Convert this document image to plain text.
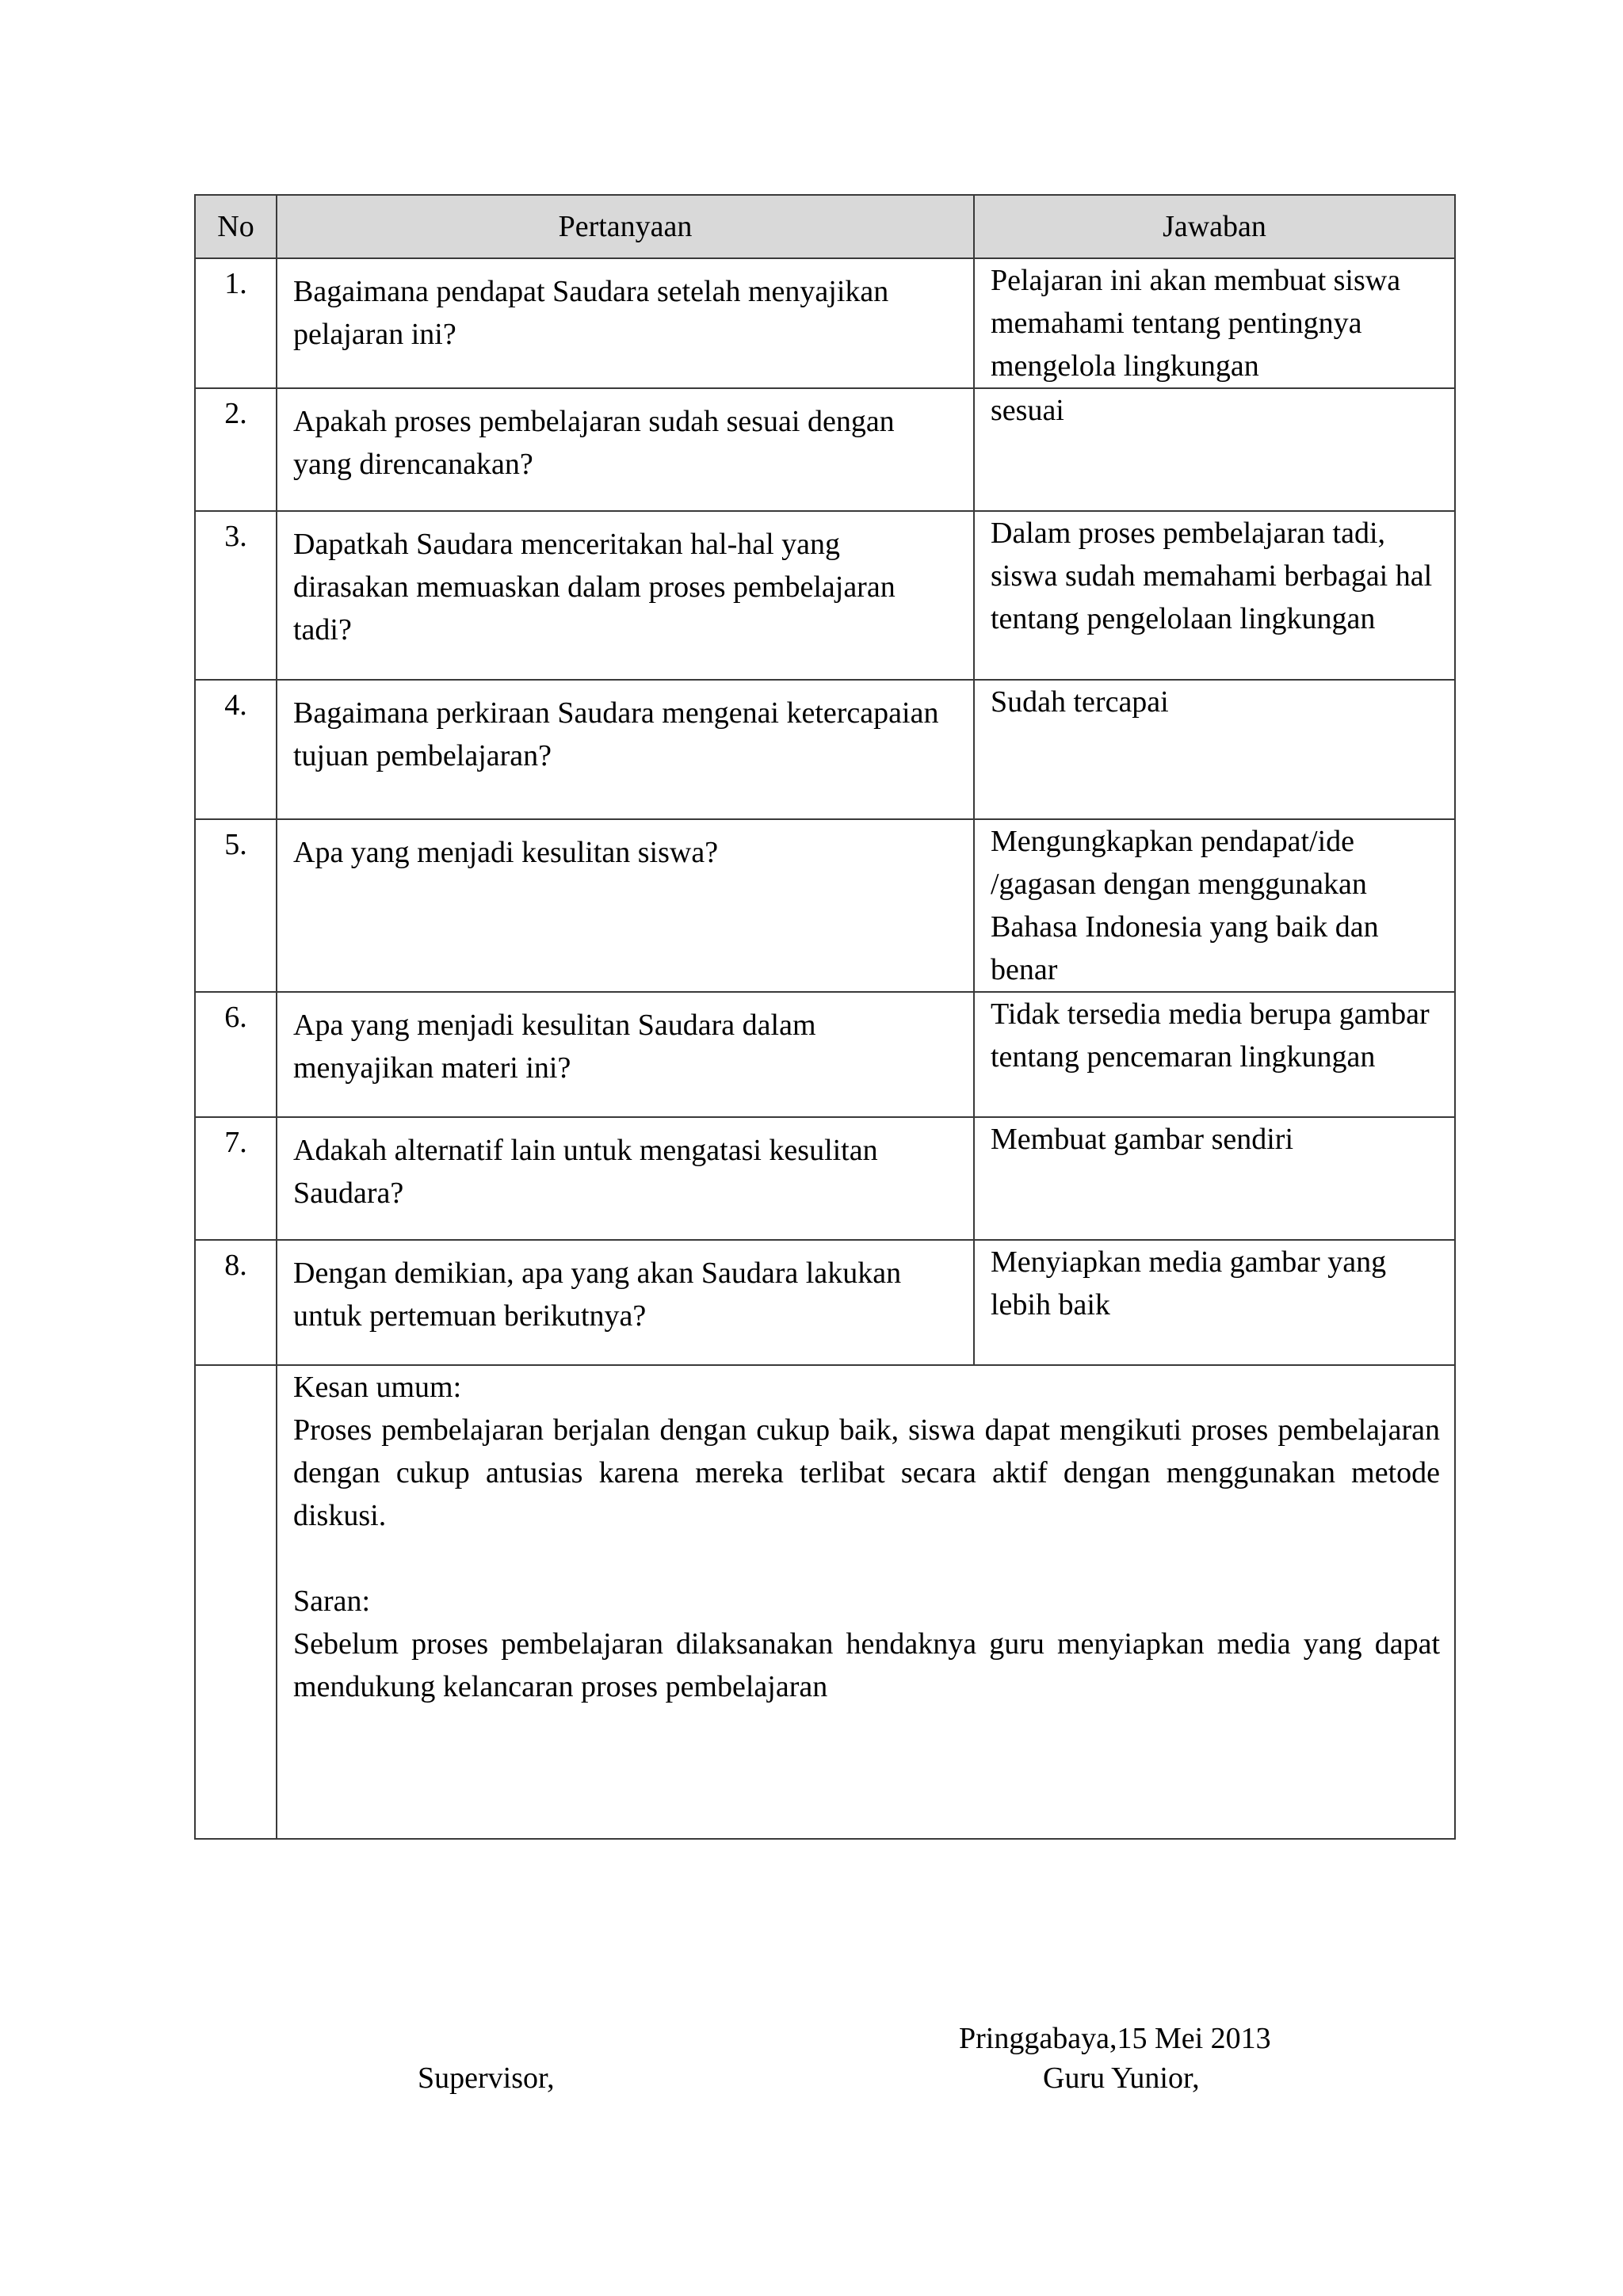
No	Pertanyaan	Jawaban

1.	Bagaimana pendapat Saudara setelah menyajikan pelajaran ini?	Pelajaran ini akan membuat siswa memahami tentang pentingnya mengelola lingkungan

2.	Apakah proses pembelajaran sudah sesuai dengan yang direncanakan?	sesuai

3.	Dapatkah Saudara menceritakan hal-hal yang dirasakan memuaskan dalam proses pembelajaran tadi?	Dalam proses pembelajaran tadi, siswa sudah memahami berbagai hal tentang pengelolaan lingkungan

4.	Bagaimana perkiraan Saudara mengenai ketercapaian tujuan pembelajaran?	Sudah tercapai

5.	Apa yang menjadi kesulitan siswa?	Mengungkapkan pendapat/ide /gagasan dengan menggunakan Bahasa Indonesia yang baik dan benar

6.	Apa yang menjadi kesulitan Saudara dalam menyajikan materi ini?	Tidak tersedia media berupa gambar tentang pencemaran lingkungan

7.	Adakah alternatif lain untuk mengatasi kesulitan Saudara?	Membuat gambar sendiri

8.	Dengan demikian, apa yang akan Saudara lakukan untuk pertemuan berikutnya?	Menyiapkan media gambar yang lebih baik

	Kesan umum:

Proses pembelajaran berjalan dengan cukup baik, siswa dapat mengikuti proses pembelajaran dengan cukup antusias karena mereka terlibat secara aktif dengan menggunakan metode diskusi.

Saran:

Sebelum proses pembelajaran dilaksanakan hendaknya guru menyiapkan media yang dapat mendukung kelancaran proses pembelajaran	

Pringgabaya,15 Mei 2013
Guru Yunior,
Supervisor,
